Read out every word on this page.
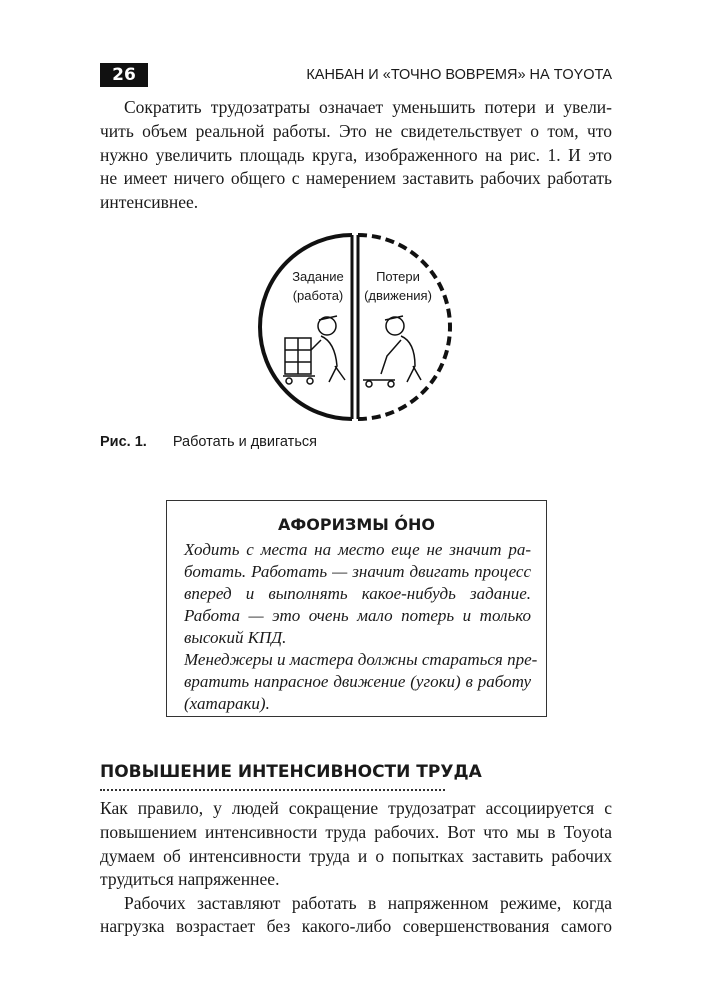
26	КАНБАН И «ТОЧНО ВОВРЕМЯ» НА TOYOTA
Сократить трудозатраты означает уменьшить потери и увели-
чить объем реальной работы. Это не свидетельствует о том, что
нужно увеличить площадь круга, изображенного на рис. 1. И это
не имеет ничего общего с намерением заставить рабочих работать
интенсивнее.
Задание
(работа)
Потери
(движения)
Рис. 1. Работать и двигаться
АФОРИЗМЫ ÓНО
Ходить с места на место еще не значит ра-
ботать. Работать — значит двигать процесс
вперед и выполнять какое-нибудь задание.
Работа — это очень мало потерь и только
высокий КПД.
Менеджеры и мастера должны стараться пре-
вратить напрасное движение (угоки) в работу
(хатараки).
ПОВЫШЕНИЕ ИНТЕНСИВНОСТИ ТРУДА
Как правило, у людей сокращение трудозатрат ассоциируется с
повышением интенсивности труда рабочих. Вот что мы в Toyota
думаем об интенсивности труда и о попытках заставить рабочих
трудиться напряженнее.
Рабочих заставляют работать в напряженном режиме, когда
нагрузка возрастает без какого-либо совершенствования самого
